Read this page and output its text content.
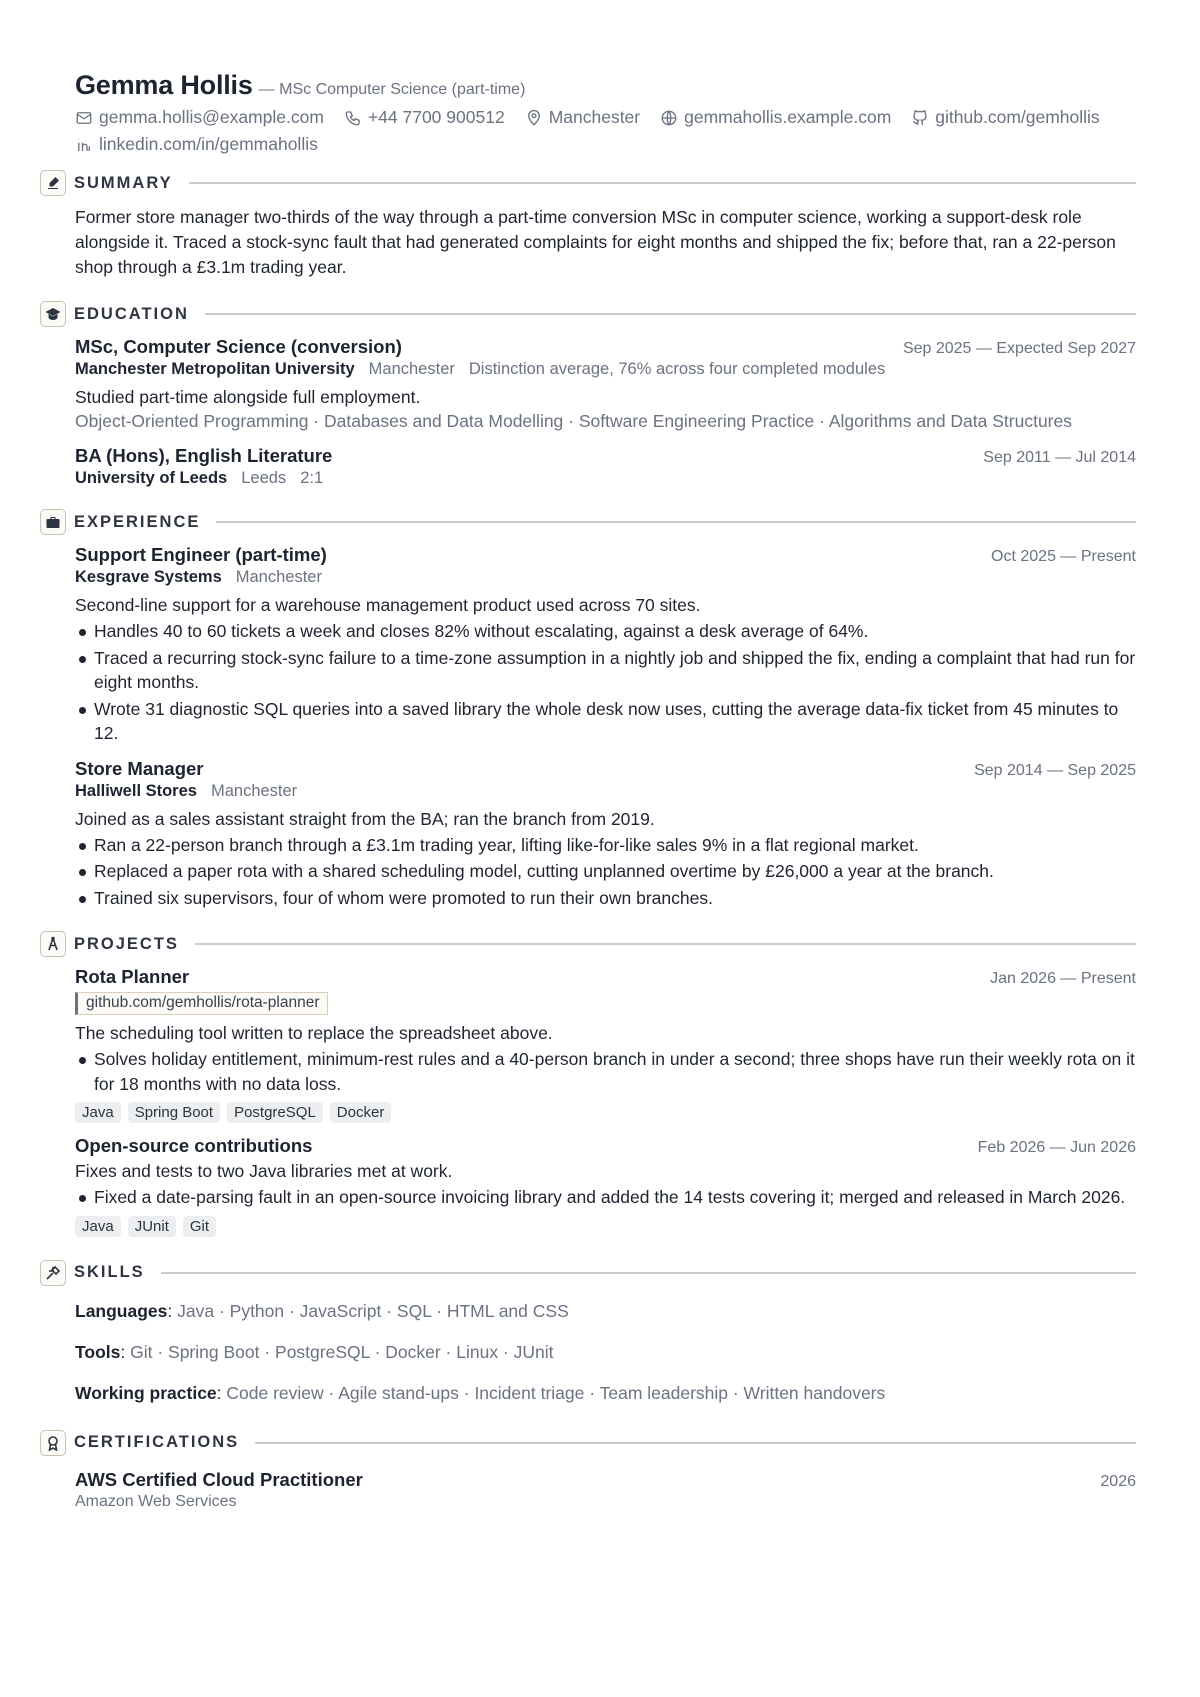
Gemma Hollis — MSc Computer Science (part-time)
gemma.hollis@example.com	+44 7700 900512	Manchester	gemmahollis.example.com	github.com/gemhollis
linkedin.com/in/gemmahollis
SUMMARY

Former store manager two-thirds of the way through a part-time conversion MSc in computer science, working a support-desk role alongside it. Traced a stock-sync fault that had generated complaints for eight months and shipped the fix; before that, ran a 22-person shop through a £3.1m trading year.

EDUCATION
MSc, Computer Science (conversion)	Sep 2025 — Expected Sep 2027
Manchester Metropolitan University Manchester Distinction average, 76% across four completed modules
Studied part-time alongside full employment.
Object-Oriented Programming · Databases and Data Modelling · Software Engineering Practice · Algorithms and Data Structures
BA (Hons), English Literature	Sep 2011 — Jul 2014
University of Leeds Leeds 2:1
EXPERIENCE
Support Engineer (part-time)	Oct 2025 — Present
Kesgrave Systems Manchester
Second-line support for a warehouse management product used across 70 sites.
Handles 40 to 60 tickets a week and closes 82% without escalating, against a desk average of 64%.
Traced a recurring stock-sync failure to a time-zone assumption in a nightly job and shipped the fix, ending a complaint that had run for eight months.
Wrote 31 diagnostic SQL queries into a saved library the whole desk now uses, cutting the average data-fix ticket from 45 minutes to 12.
Store Manager	Sep 2014 — Sep 2025
Halliwell Stores Manchester
Joined as a sales assistant straight from the BA; ran the branch from 2019.
Ran a 22-person branch through a £3.1m trading year, lifting like-for-like sales 9% in a flat regional market.
Replaced a paper rota with a shared scheduling model, cutting unplanned overtime by £26,000 a year at the branch.
Trained six supervisors, four of whom were promoted to run their own branches.
PROJECTS
Rota Planner	Jan 2026 — Present
github.com/gemhollis/rota-planner
The scheduling tool written to replace the spreadsheet above.
Solves holiday entitlement, minimum-rest rules and a 40-person branch in under a second; three shops have run their weekly rota on it for 18 months with no data loss.
Java	Spring Boot	PostgreSQL	Docker
Open-source contributions	Feb 2026 — Jun 2026
Fixes and tests to two Java libraries met at work.
Fixed a date-parsing fault in an open-source invoicing library and added the 14 tests covering it; merged and released in March 2026.
Java	JUnit	Git
SKILLS
Languages: Java · Python · JavaScript · SQL · HTML and CSS
Tools: Git · Spring Boot · PostgreSQL · Docker · Linux · JUnit
Working practice: Code review · Agile stand-ups · Incident triage · Team leadership · Written handovers
CERTIFICATIONS
AWS Certified Cloud Practitioner	2026
Amazon Web Services
